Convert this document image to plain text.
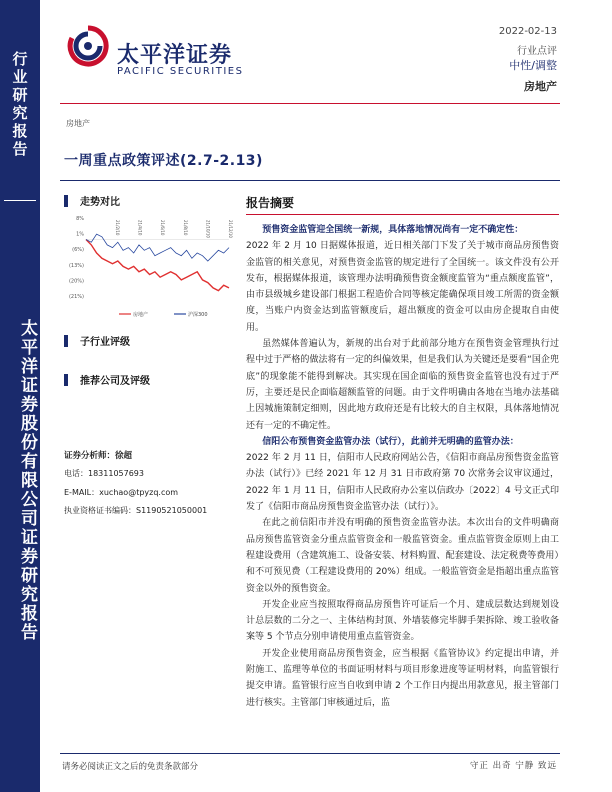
行业研究报告
太平洋证券股份有限公司证券研究报告
太平洋证券
PACIFIC SECURITIES
2022-02-13
行业点评
中性/调整
房地产
房地产
一周重点政策评述(2.7-2.13)
走势对比
8%
1%
(6%)
(13%)
(20%)
(21%)
21/2/10	21/4/10	21/6/10	21/8/10	21/10/10	21/12/10
房地产	沪深300
子行业评级
推荐公司及评级
证券分析师：徐超
电话：18311057693
E-MAIL：xuchao@tpyzq.com
执业资格证书编码：S1190521050001
报告摘要

预售资金监管迎全国统一新规，具体落地情况尚有一定不确定性：

2022 年 2 月 10 日据媒体报道，近日相关部门下发了关于城市商品房预售资金监管的相关意见，对预售资金监管的规定进行了全国统一。该文件没有公开发布，根据媒体报道，该管理办法明确预售资金额度监管为“重点额度监管”，由市县级城乡建设部门根据工程造价合同等核定能确保项目竣工所需的资金额度，当账户内资金达到监管额度后，超出额度的资金可以由房企提取自由使用。

虽然媒体普遍认为，新规的出台对于此前部分地方在预售资金管理执行过程中过于严格的做法将有一定的纠偏效果，但是我们认为关键还是要看“国企兜底”的现象能不能得到解决。其实现在国企面临的预售资金监管也没有过于严厉，主要还是民企面临超额监管的问题。由于文件明确由各地在当地办法基础上因城施策制定细则，因此地方政府还是有比较大的自主权限，具体落地情况还有一定的不确定性。

信阳公布预售资金监管办法（试行），此前并无明确的监管办法：

2022 年 2 月 11 日，信阳市人民政府网站公告，《信阳市商品房预售资金监管办法（试行）》已经 2021 年 12 月 31 日市政府第 70 次常务会议审议通过，2022 年 1 月 11 日，信阳市人民政府办公室以信政办〔2022〕4 号文正式印发了《信阳市商品房预售资金监管办法（试行）》。

在此之前信阳市并没有明确的预售资金监管办法。本次出台的文件明确商品房预售监管资金分重点监管资金和一般监管资金。重点监管资金原则上由工程建设费用（含建筑施工、设备安装、材料购置、配套建设、法定税费等费用）和不可预见费（工程建设费用的 20%）组成。一般监管资金是指超出重点监管资金以外的预售资金。

开发企业应当按照取得商品房预售许可证后一个月、建成层数达到规划设计总层数的二分之一、主体结构封顶、外墙装修完毕脚手架拆除、竣工验收备案等 5 个节点分别申请使用重点监管资金。

开发企业使用商品房预售资金，应当根据《监管协议》约定提出申请，并附施工、监理等单位的书面证明材料与项目形象进度等证明材料，向监管银行提交申请。监管银行应当自收到申请 2 个工作日内提出用款意见，报主管部门进行核实。主管部门审核通过后，监

请务必阅读正文之后的免责条款部分	守正 出奇 宁静 致远
